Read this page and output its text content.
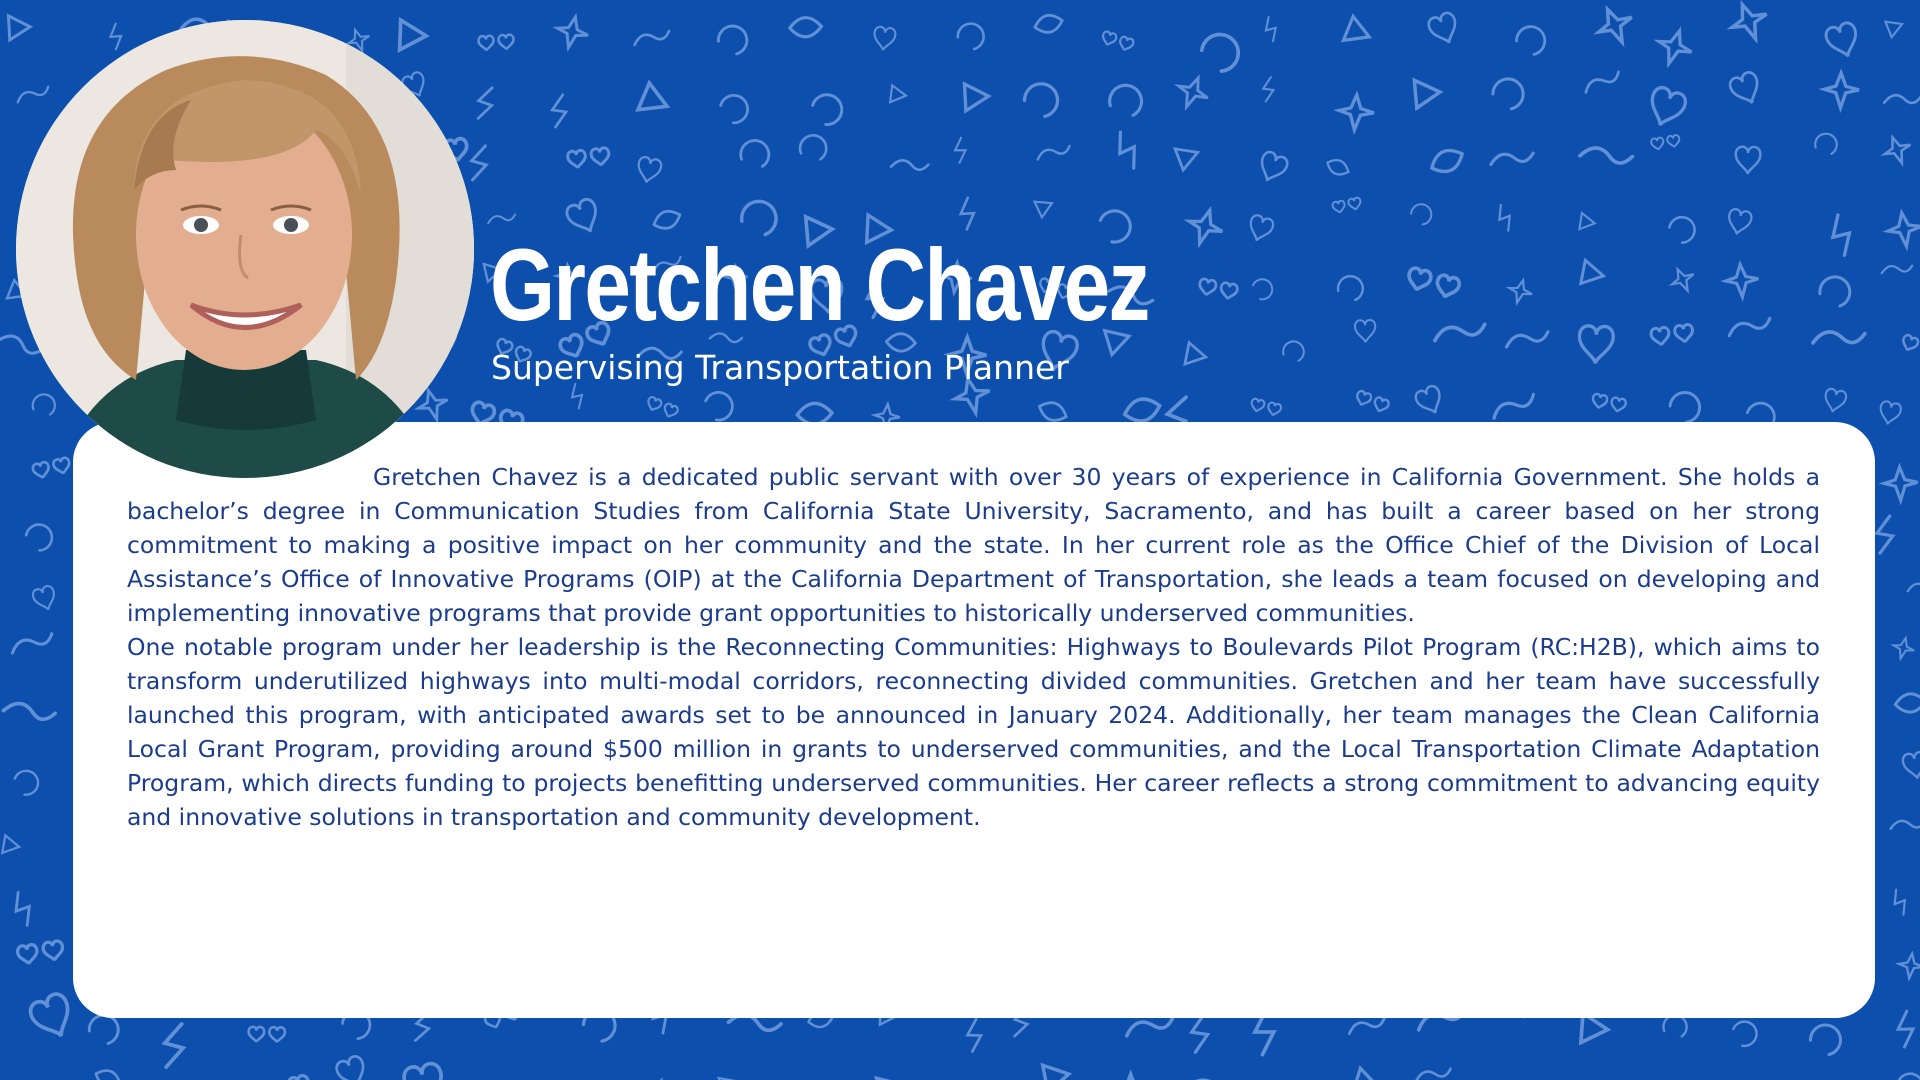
Gretchen Chavez
Supervising Transportation Planner

Gretchen Chavez is a dedicated public servant with over 30 years of experience in California Government. She holds a bachelor’s degree in Communication Studies from California State University, Sacramento, and has built a career based on her strong commitment to making a positive impact on her community and the state. In her current role as the Office Chief of the Division of Local Assistance’s Office of Innovative Programs (OIP) at the California Department of Transportation, she leads a team focused on developing and implementing innovative programs that provide grant opportunities to historically underserved communities.

One notable program under her leadership is the Reconnecting Communities: Highways to Boulevards Pilot Program (RC:H2B), which aims to transform underutilized highways into multi-modal corridors, reconnecting divided communities. Gretchen and her team have successfully launched this program, with anticipated awards set to be announced in January 2024. Additionally, her team manages the Clean California Local Grant Program, providing around $500 million in grants to underserved communities, and the Local Transportation Climate Adaptation Program, which directs funding to projects benefitting underserved communities. Her career reflects a strong commitment to advancing equity and innovative solutions in transportation and community development.
